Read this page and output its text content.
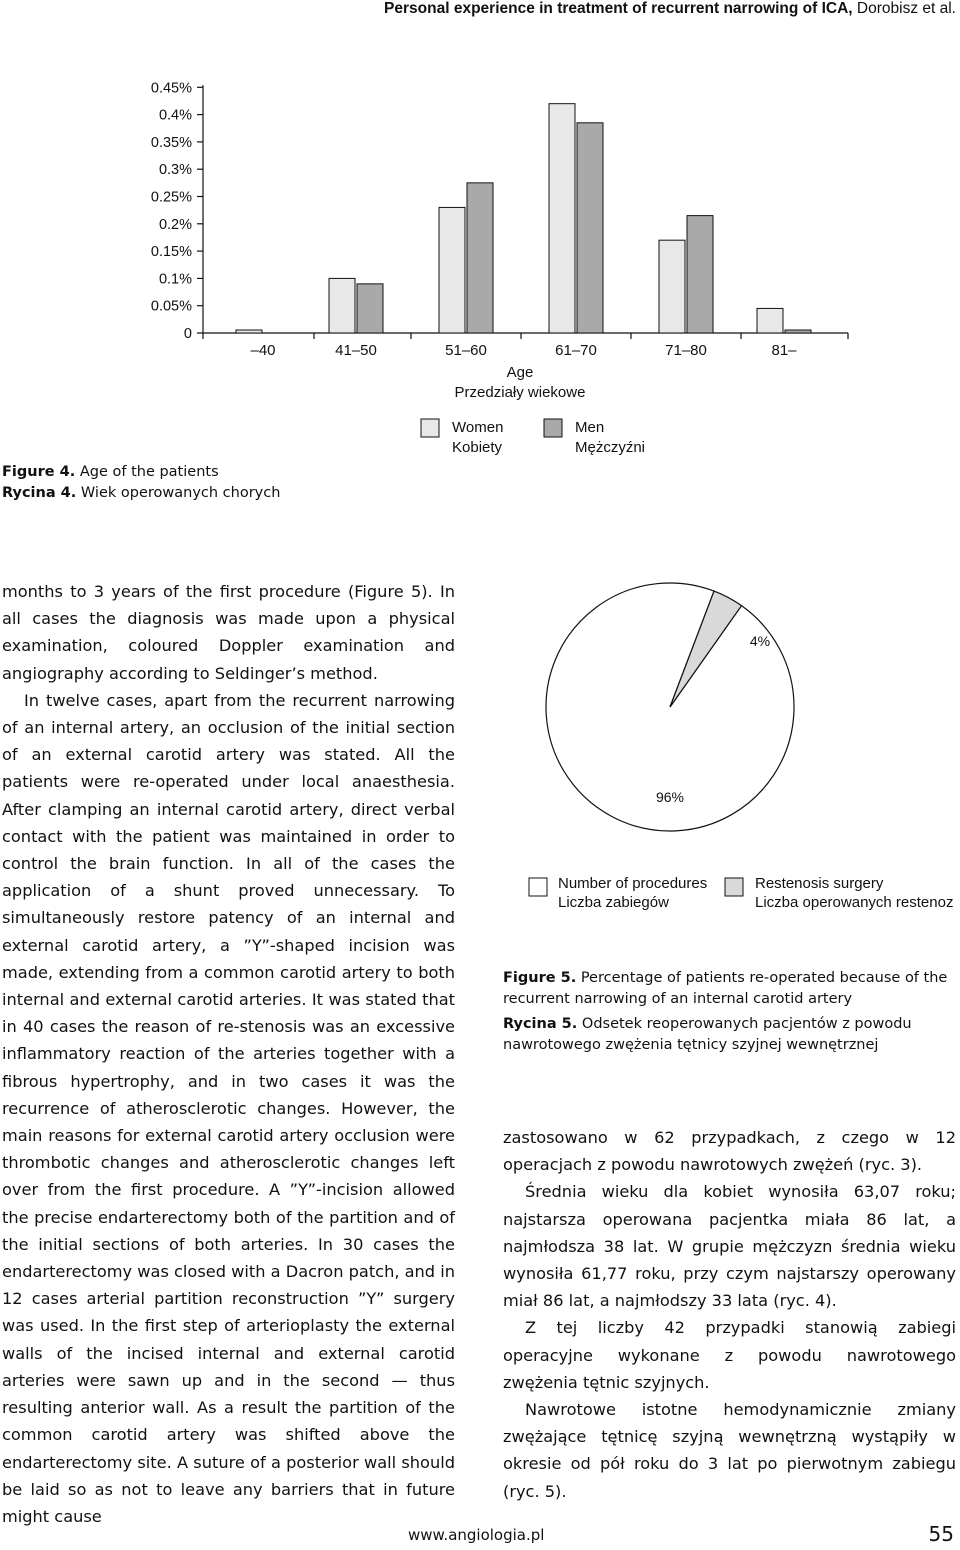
Personal experience in treatment of recurrent narrowing of ICA, Dorobisz et al.
0.45%
0.4%
0.35%
0.3%
0.25%
0.2%
0.15%
0.1%
0.05%
0
–40	41–50	51–60	61–70	71–80	81–
Age
Przedziały wiekowe
Women
Kobiety
Men
Mężczyźni
Figure 4. Age of the patients
Rycina 4. Wiek operowanych chorych

months to 3 years of the first procedure (Figure 5). In all cases the diagnosis was made upon a physical examination, coloured Doppler examination and angiography according to Seldinger’s method.

In twelve cases, apart from the recurrent narrowing of an internal artery, an occlusion of the initial section of an external carotid artery was stated. All the patients were re-operated under local anaesthesia. After clamping an internal carotid artery, direct verbal contact with the patient was maintained in order to control the brain function. In all of the cases the application of a shunt proved unnecessary. To simultaneously restore patency of an internal and external carotid artery, a ”Y”-shaped incision was made, extending from a common carotid artery to both internal and external carotid arteries. It was stated that in 40 cases the reason of re-stenosis was an excessive inflammatory reaction of the arteries together with a fibrous hypertrophy, and in two cases it was the recurrence of atherosclerotic changes. However, the main reasons for external carotid artery occlusion were thrombotic changes and atherosclerotic changes left over from the first procedure. A ”Y”-incision allowed the precise endarterectomy both of the partition and of the initial sections of both arteries. In 30 cases the endarterectomy was closed with a Dacron patch, and in 12 cases arterial partition reconstruction ”Y” surgery was used. In the first step of arterioplasty the external walls of the incised internal and external carotid arteries were sawn up and in the second — thus resulting anterior wall. As a result the partition of the common carotid artery was shifted above the endarterectomy site. A suture of a posterior wall should be laid so as not to leave any barriers that in future might cause

96%
4%
Number of procedures
Liczba zabiegów
Restenosis surgery
Liczba operowanych restenoz
Figure 5. Percentage of patients re-operated because of the recurrent narrowing of an internal carotid artery
Rycina 5. Odsetek reoperowanych pacjentów z powodu nawrotowego zwężenia tętnicy szyjnej wewnętrznej

zastosowano w 62 przypadkach, z czego w 12 operacjach z powodu nawrotowych zwężeń (ryc. 3).

Średnia wieku dla kobiet wynosiła 63,07 roku; najstarsza operowana pacjentka miała 86 lat, a najmłodsza 38 lat. W grupie mężczyzn średnia wieku wynosiła 61,77 roku, przy czym najstarszy operowany miał 86 lat, a najmłodszy 33 lata (ryc. 4).

Z tej liczby 42 przypadki stanowią zabiegi operacyjne wykonane z powodu nawrotowego zwężenia tętnic szyjnych.

Nawrotowe istotne hemodynamicznie zmiany zwężające tętnicę szyjną wewnętrzną wystąpiły w okresie od pół roku do 3 lat po pierwotnym zabiegu (ryc. 5).

www.angiologia.pl	55
